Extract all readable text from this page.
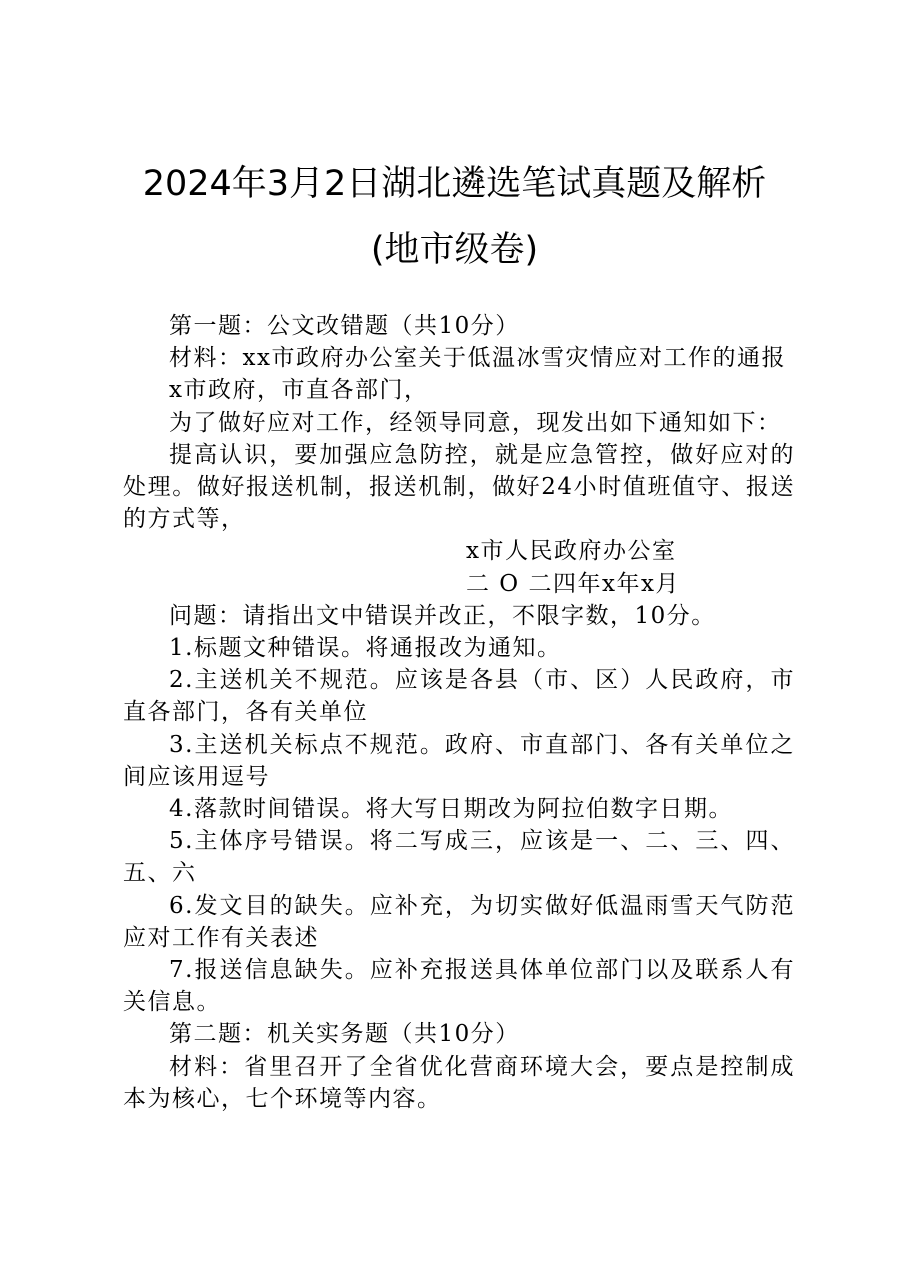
2024年3月2日湖北遴选笔试真题及解析
(地市级卷)

第一题：公文改错题（共10分）

材料：xx市政府办公室关于低温冰雪灾情应对工作的通报

x市政府，市直各部门，

为了做好应对工作，经领导同意，现发出如下通知如下：

提高认识，要加强应急防控，就是应急管控，做好应对的处理。做好报送机制，报送机制，做好24小时值班值守、报送的方式等，

x市人民政府办公室

二 O 二四年x年x月

问题：请指出文中错误并改正，不限字数，10分。

1.标题文种错误。将通报改为通知。

2.主送机关不规范。应该是各县（市、区）人民政府，市直各部门，各有关单位

3.主送机关标点不规范。政府、市直部门、各有关单位之间应该用逗号

4.落款时间错误。将大写日期改为阿拉伯数字日期。

5.主体序号错误。将二写成三，应该是一、二、三、四、五、六

6.发文目的缺失。应补充，为切实做好低温雨雪天气防范应对工作有关表述

7.报送信息缺失。应补充报送具体单位部门以及联系人有关信息。

第二题：机关实务题（共10分）

材料：省里召开了全省优化营商环境大会，要点是控制成本为核心，七个环境等内容。
